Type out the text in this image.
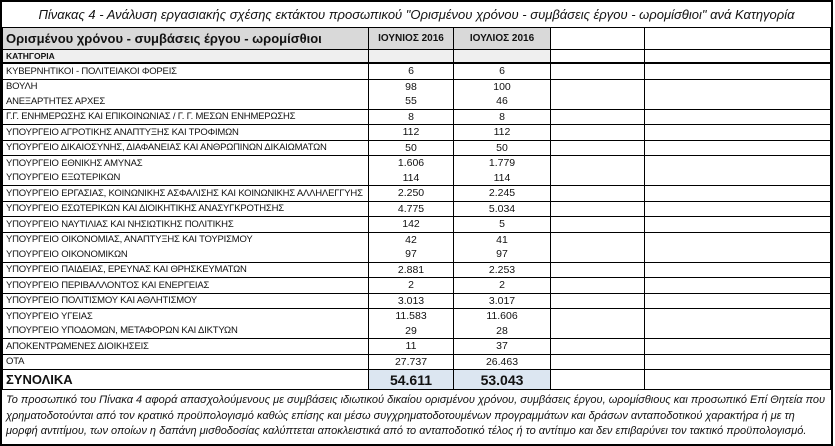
Πίνακας 4 - Ανάλυση εργασιακής σχέσης εκτάκτου προσωπικού "Ορισμένου χρόνου - συμβάσεις έργου - ωρομίσθιοι" ανά Κατηγορία
Ορισμένου χρόνου - συμβάσεις έργου - ωρομίσθιοι	ΙΟΥΝΙΟΣ 2016	ΙΟΥΛΙΟΣ 2016		
ΚΑΤΗΓΟΡΙΑ				
ΚΥΒΕΡΝΗΤΙΚΟΙ - ΠΟΛΙΤΕΙΑΚΟΙ ΦΟΡΕΙΣ	6	6		
ΒΟΥΛΗ	98	100		
ΑΝΕΞΑΡΤΗΤΕΣ ΑΡΧΕΣ	55	46		
Γ.Γ. ΕΝΗΜΕΡΩΣΗΣ ΚΑΙ ΕΠΙΚΟΙΝΩΝΙΑΣ / Γ. Γ. ΜΕΣΩΝ ΕΝΗΜΕΡΩΣΗΣ	8	8		
ΥΠΟΥΡΓΕΙΟ ΑΓΡΟΤΙΚΗΣ ΑΝΑΠΤΥΞΗΣ ΚΑΙ ΤΡΟΦΙΜΩΝ	112	112		
ΥΠΟΥΡΓΕΙΟ ΔΙΚΑΙΟΣΥΝΗΣ, ΔΙΑΦΑΝΕΙΑΣ ΚΑΙ ΑΝΘΡΩΠΙΝΩΝ ΔΙΚΑΙΩΜΑΤΩΝ	50	50		
ΥΠΟΥΡΓΕΙΟ ΕΘΝΙΚΗΣ ΑΜΥΝΑΣ	1.606	1.779		
ΥΠΟΥΡΓΕΙΟ ΕΞΩΤΕΡΙΚΩΝ	114	114		
ΥΠΟΥΡΓΕΙΟ ΕΡΓΑΣΙΑΣ, ΚΟΙΝΩΝΙΚΗΣ ΑΣΦΑΛΙΣΗΣ ΚΑΙ ΚΟΙΝΩΝΙΚΗΣ ΑΛΛΗΛΕΓΓΥΗΣ	2.250	2.245		
ΥΠΟΥΡΓΕΙΟ ΕΣΩΤΕΡΙΚΩΝ ΚΑΙ ΔΙΟΙΚΗΤΙΚΗΣ ΑΝΑΣΥΓΚΡΟΤΗΣΗΣ	4.775	5.034		
ΥΠΟΥΡΓΕΙΟ ΝΑΥΤΙΛΙΑΣ ΚΑΙ ΝΗΣΙΩΤΙΚΗΣ ΠΟΛΙΤΙΚΗΣ	142	5		
ΥΠΟΥΡΓΕΙΟ ΟΙΚΟΝΟΜΙΑΣ, ΑΝΑΠΤΥΞΗΣ ΚΑΙ ΤΟΥΡΙΣΜΟΥ	42	41		
ΥΠΟΥΡΓΕΙΟ ΟΙΚΟΝΟΜΙΚΩΝ	97	97		
ΥΠΟΥΡΓΕΙΟ ΠΑΙΔΕΙΑΣ, ΕΡΕΥΝΑΣ ΚΑΙ ΘΡΗΣΚΕΥΜΑΤΩΝ	2.881	2.253		
ΥΠΟΥΡΓΕΙΟ ΠΕΡΙΒΑΛΛΟΝΤΟΣ ΚΑΙ ΕΝΕΡΓΕΙΑΣ	2	2		
ΥΠΟΥΡΓΕΙΟ ΠΟΛΙΤΙΣΜΟΥ ΚΑΙ ΑΘΛΗΤΙΣΜΟΥ	3.013	3.017		
ΥΠΟΥΡΓΕΙΟ ΥΓΕΙΑΣ	11.583	11.606		
ΥΠΟΥΡΓΕΙΟ ΥΠΟΔΟΜΩΝ, ΜΕΤΑΦΟΡΩΝ ΚΑΙ ΔΙΚΤΥΩΝ	29	28		
ΑΠΟΚΕΝΤΡΩΜΕΝΕΣ ΔΙΟΙΚΗΣΕΙΣ	11	37		
ΟΤΑ	27.737	26.463		
ΣΥΝΟΛΙΚΑ	54.611	53.043		
Το προσωπικό του Πίνακα 4 αφορά απασχολούμενους με συμβάσεις ιδιωτικού δικαίου ορισμένου χρόνου, συμβάσεις έργου, ωρομίσθιους και προσωπικό Επί Θητεία που χρηματοδοτούνται από τον κρατικό προϋπολογισμό καθώς επίσης και μέσω συγχρηματοδοτουμένων προγραμμάτων και δράσων ανταποδοτικού χαρακτήρα ή με τη μορφή αντιτίμου, των οποίων η δαπάνη μισθοδοσίας καλύπτεται αποκλειστικά από το ανταποδοτικό τέλος ή το αντίτιμο και δεν επιβαρύνει τον τακτικό προϋπολογισμό.
